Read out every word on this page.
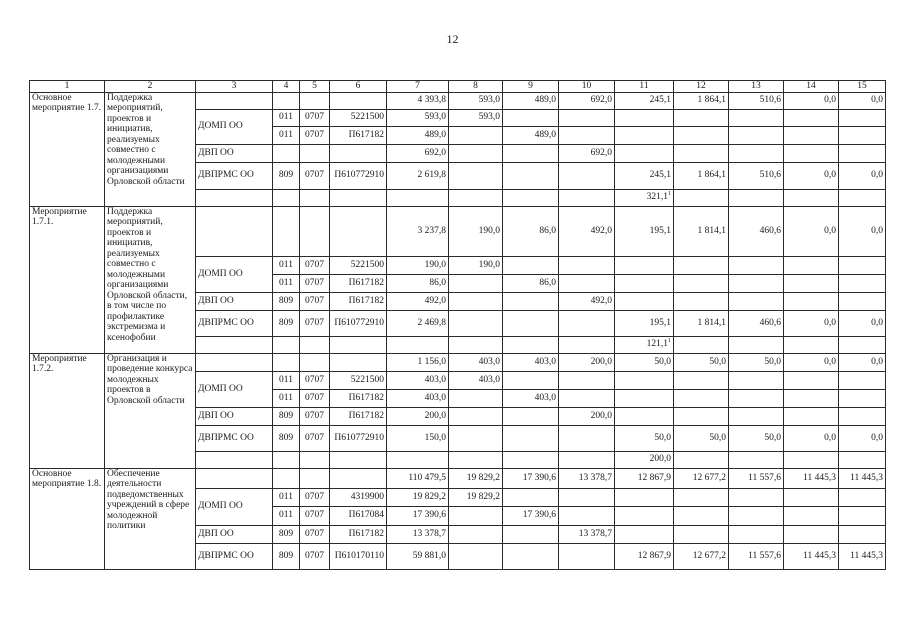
12
1	2	3	4	5	6	7	8	9	10	11	12	13	14	15
Основное мероприятие 1.7.	Поддержка мероприятий, проектов и инициатив, реализуемых совместно с молодежными организациями Орловской области					4 393,8	593,0	489,0	692,0	245,1	1 864,1	510,6	0,0	0,0
		ДОМП ОО	011	0707	5221500	593,0	593,0							
			011	0707	П617182	489,0		489,0						
		ДВП ОО				692,0			692,0					
		ДВПРМС ОО	809	0707	П610772910	2 619,8				245,1	1 864,1	510,6	0,0	0,0
										321,1$^1$				
Мероприятие 1.7.1.	Поддержка мероприятий, проектов и инициатив, реализуемых совместно с молодежными организациями Орловской области, в том числе по профилактике экстремизма и ксенофобии					3 237,8	190,0	86,0	492,0	195,1	1 814,1	460,6	0,0	0,0
		ДОМП ОО	011	0707	5221500	190,0	190,0							
			011	0707	П617182	86,0		86,0						
		ДВП ОО	809	0707	П617182	492,0			492,0					
		ДВПРМС ОО	809	0707	П610772910	2 469,8				195,1	1 814,1	460,6	0,0	0,0
										121,1$^1$				
Мероприятие 1.7.2.	Организация и проведение конкурса молодежных проектов в Орловской области					1 156,0	403,0	403,0	200,0	50,0	50,0	50,0	0,0	0,0
		ДОМП ОО	011	0707	5221500	403,0	403,0							
			011	0707	П617182	403,0		403,0						
		ДВП ОО	809	0707	П617182	200,0			200,0					
		ДВПРМС ОО	809	0707	П610772910	150,0				50,0	50,0	50,0	0,0	0,0
										200,0				
Основное мероприятие 1.8.	Обеспечение деятельности подведомственных учреждений в сфере молодежной политики					110 479,5	19 829,2	17 390,6	13 378,7	12 867,9	12 677,2	11 557,6	11 445,3	11 445,3
		ДОМП ОО	011	0707	4319900	19 829,2	19 829,2							
			011	0707	П617084	17 390,6		17 390,6						
		ДВП ОО	809	0707	П617182	13 378,7			13 378,7					
		ДВПРМС ОО	809	0707	П610170110	59 881,0				12 867,9	12 677,2	11 557,6	11 445,3	11 445,3
